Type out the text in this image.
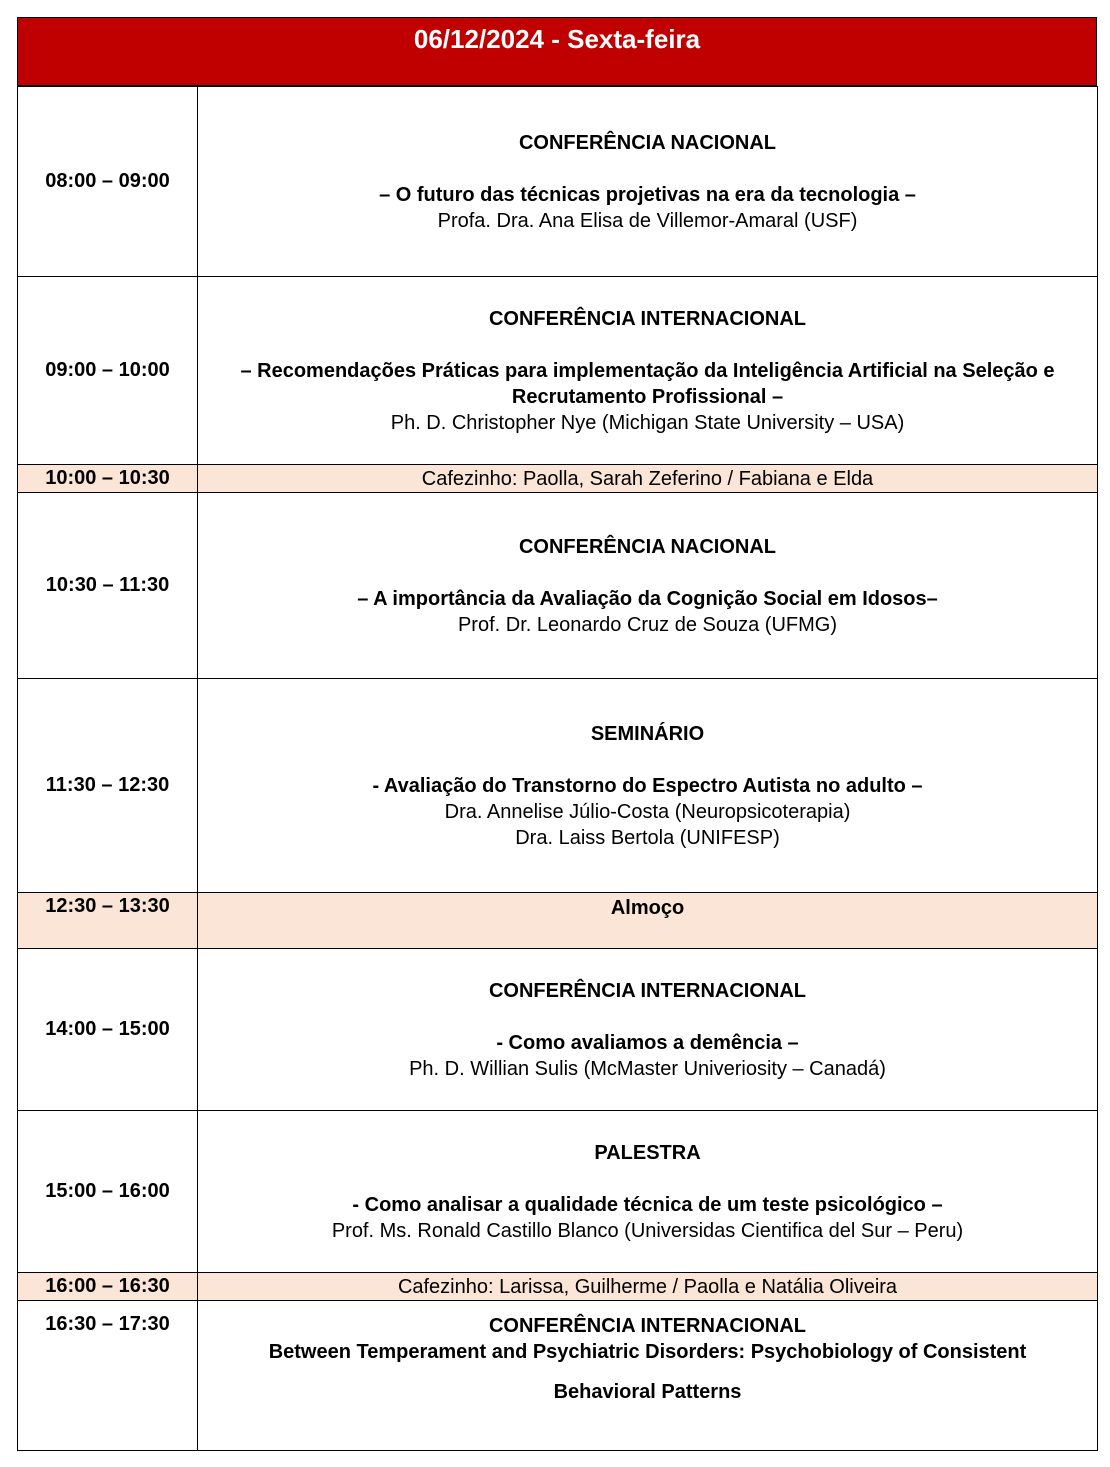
06/12/2024 - Sexta-feira
08:00 – 09:00	CONFERÊNCIA NACIONAL
– O futuro das técnicas projetivas na era da tecnologia –
Profa. Dra. Ana Elisa de Villemor-Amaral (USF)

09:00 – 10:00	CONFERÊNCIA INTERNACIONAL
– Recomendações Práticas para implementação da Inteligência Artificial na Seleção e Recrutamento Profissional –
Ph. D. Christopher Nye (Michigan State University – USA)

10:00 – 10:30	Cafezinho: Paolla, Sarah Zeferino / Fabiana e Elda
10:30 – 11:30	CONFERÊNCIA NACIONAL
– A importância da Avaliação da Cognição Social em Idosos–
Prof. Dr. Leonardo Cruz de Souza (UFMG)

11:30 – 12:30	SEMINÁRIO
- Avaliação do Transtorno do Espectro Autista no adulto –
Dra. Annelise Júlio-Costa (Neuropsicoterapia)
Dra. Laiss Bertola (UNIFESP)

12:30 – 13:30	Almoço
14:00 – 15:00	CONFERÊNCIA INTERNACIONAL
- Como avaliamos a demência –
Ph. D. Willian Sulis (McMaster Univeriosity – Canadá)

15:00 – 16:00	PALESTRA
- Como analisar a qualidade técnica de um teste psicológico –
Prof. Ms. Ronald Castillo Blanco (Universidas Cientifica del Sur – Peru)

16:00 – 16:30	Cafezinho: Larissa, Guilherme / Paolla e Natália Oliveira
16:30 – 17:30	CONFERÊNCIA INTERNACIONAL
Between Temperament and Psychiatric Disorders: Psychobiology of Consistent
Behavioral Patterns
